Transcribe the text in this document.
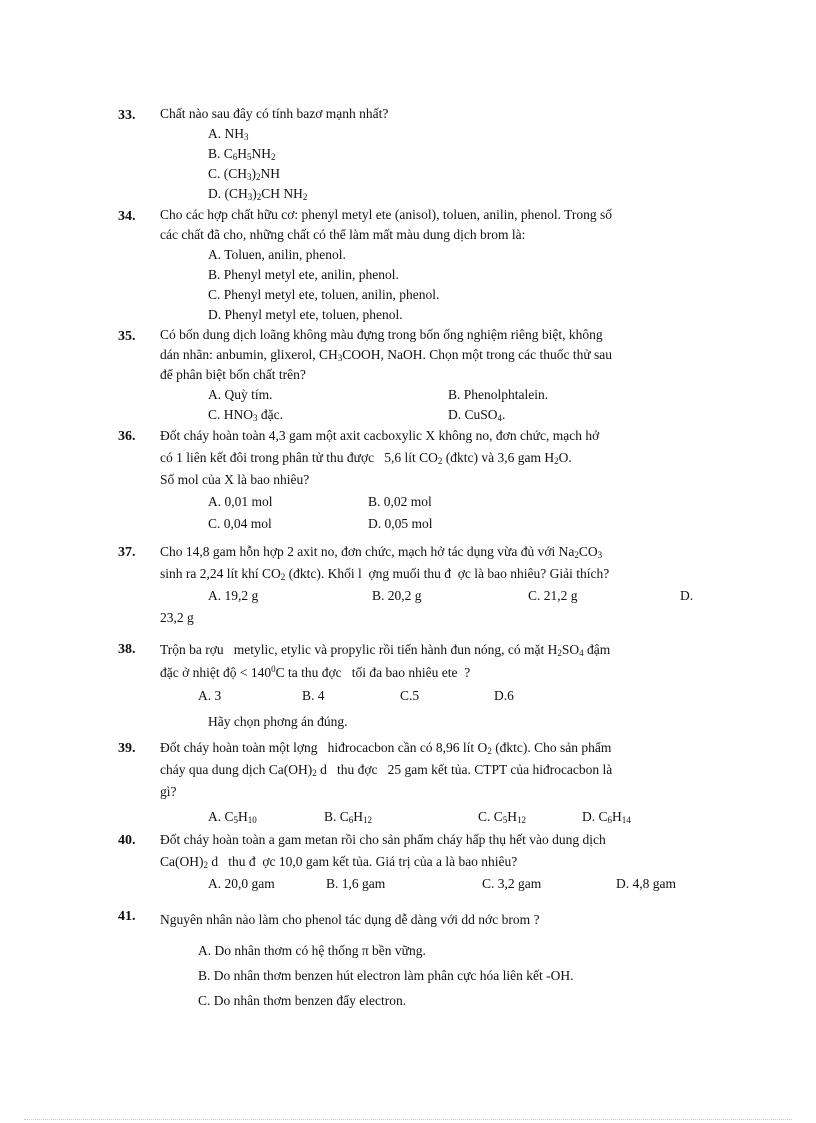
33. Chất nào sau đây có tính bazơ mạnh nhất?
A. $NH_3$
B. $C_6H_5NH_2$
C. $(CH_3)_2NH$
D. $(CH_3)_2CH$ $NH_2$
34. Cho các hợp chất hữu cơ: phenyl metyl ete (anisol), toluen, anilin, phenol. Trong số
các chất đã cho, những chất có thể làm mất màu dung dịch brom là:
A. Toluen, anilin, phenol.
B. Phenyl metyl ete, anilin, phenol.
C. Phenyl metyl ete, toluen, anilin, phenol.
D. Phenyl metyl ete, toluen, phenol.
35. Có bốn dung dịch loãng không màu đựng trong bốn ống nghiệm riêng biệt, không
dán nhãn: anbumin, glixerol, $CH_3COOH$, NaOH. Chọn một trong các thuốc thử sau
để phân biệt bốn chất trên?
A. Quỳ tím.	B. Phenolphtalein.
C. $HNO_3$ đặc.	D. CuSO$_4$.
36. Đốt cháy hoàn toàn 4,3 gam một axit cacboxylic X không no, đơn chức, mạch hở
có 1 liên kết đôi trong phân tử thu được   5,6 lít $CO_2$ (đktc) và 3,6 gam $H_2O$.
Số mol của X là bao nhiêu?
A. 0,01 mol	B. 0,02 mol
C. 0,04 mol	D. 0,05 mol
37. Cho 14,8 gam hỗn hợp 2 axit no, đơn chức, mạch hở tác dụng vừa đủ với $Na_2CO_3$
sinh ra 2,24 lít khí $CO_2$ (đktc). Khối l  ợng muối thu đ  ợc là bao nhiêu? Giải thích?
A. 19,2 g	B. 20,2 g	C. 21,2 g	D.
23,2 g
38. Trộn ba rợu   metylic, etylic và propylic rồi tiến hành đun nóng, có mặt $H_2SO_4$ đậm
đặc ở nhiệt độ < $140^0C$ ta thu đợc   tối đa bao nhiêu ete  ?
A. 3	B. 4	C.5	D.6
Hãy chọn phơng án đúng.
39. Đốt cháy hoàn toàn một lợng   hiđrocacbon cần có 8,96 lít $O_2$ (đktc). Cho sản phẩm
cháy qua dung dịch $Ca(OH)_2$ d   thu đợc   25 gam kết tủa. CTPT của hiđrocacbon là
gì?
A. $C_5H_{10}$	B. $C_6H_{12}$	C. $C_5H_{12}$	D. $C_6H_{14}$
40. Đốt cháy hoàn toàn a gam metan rồi cho sản phẩm cháy hấp thụ hết vào dung dịch
$Ca(OH)_2$ d   thu đ  ợc 10,0 gam kết tủa. Giá trị của a là bao nhiêu?
A. 20,0 gam	B. 1,6 gam	C. 3,2 gam	D. 4,8 gam
41. Nguyên nhân nào làm cho phenol tác dụng dễ dàng với dd nớc brom ?
A. Do nhân thơm có hệ thống π bền vững.
B. Do nhân thơm benzen hút electron làm phân cực hóa liên kết -OH.
C. Do nhân thơm benzen đẩy electron.
